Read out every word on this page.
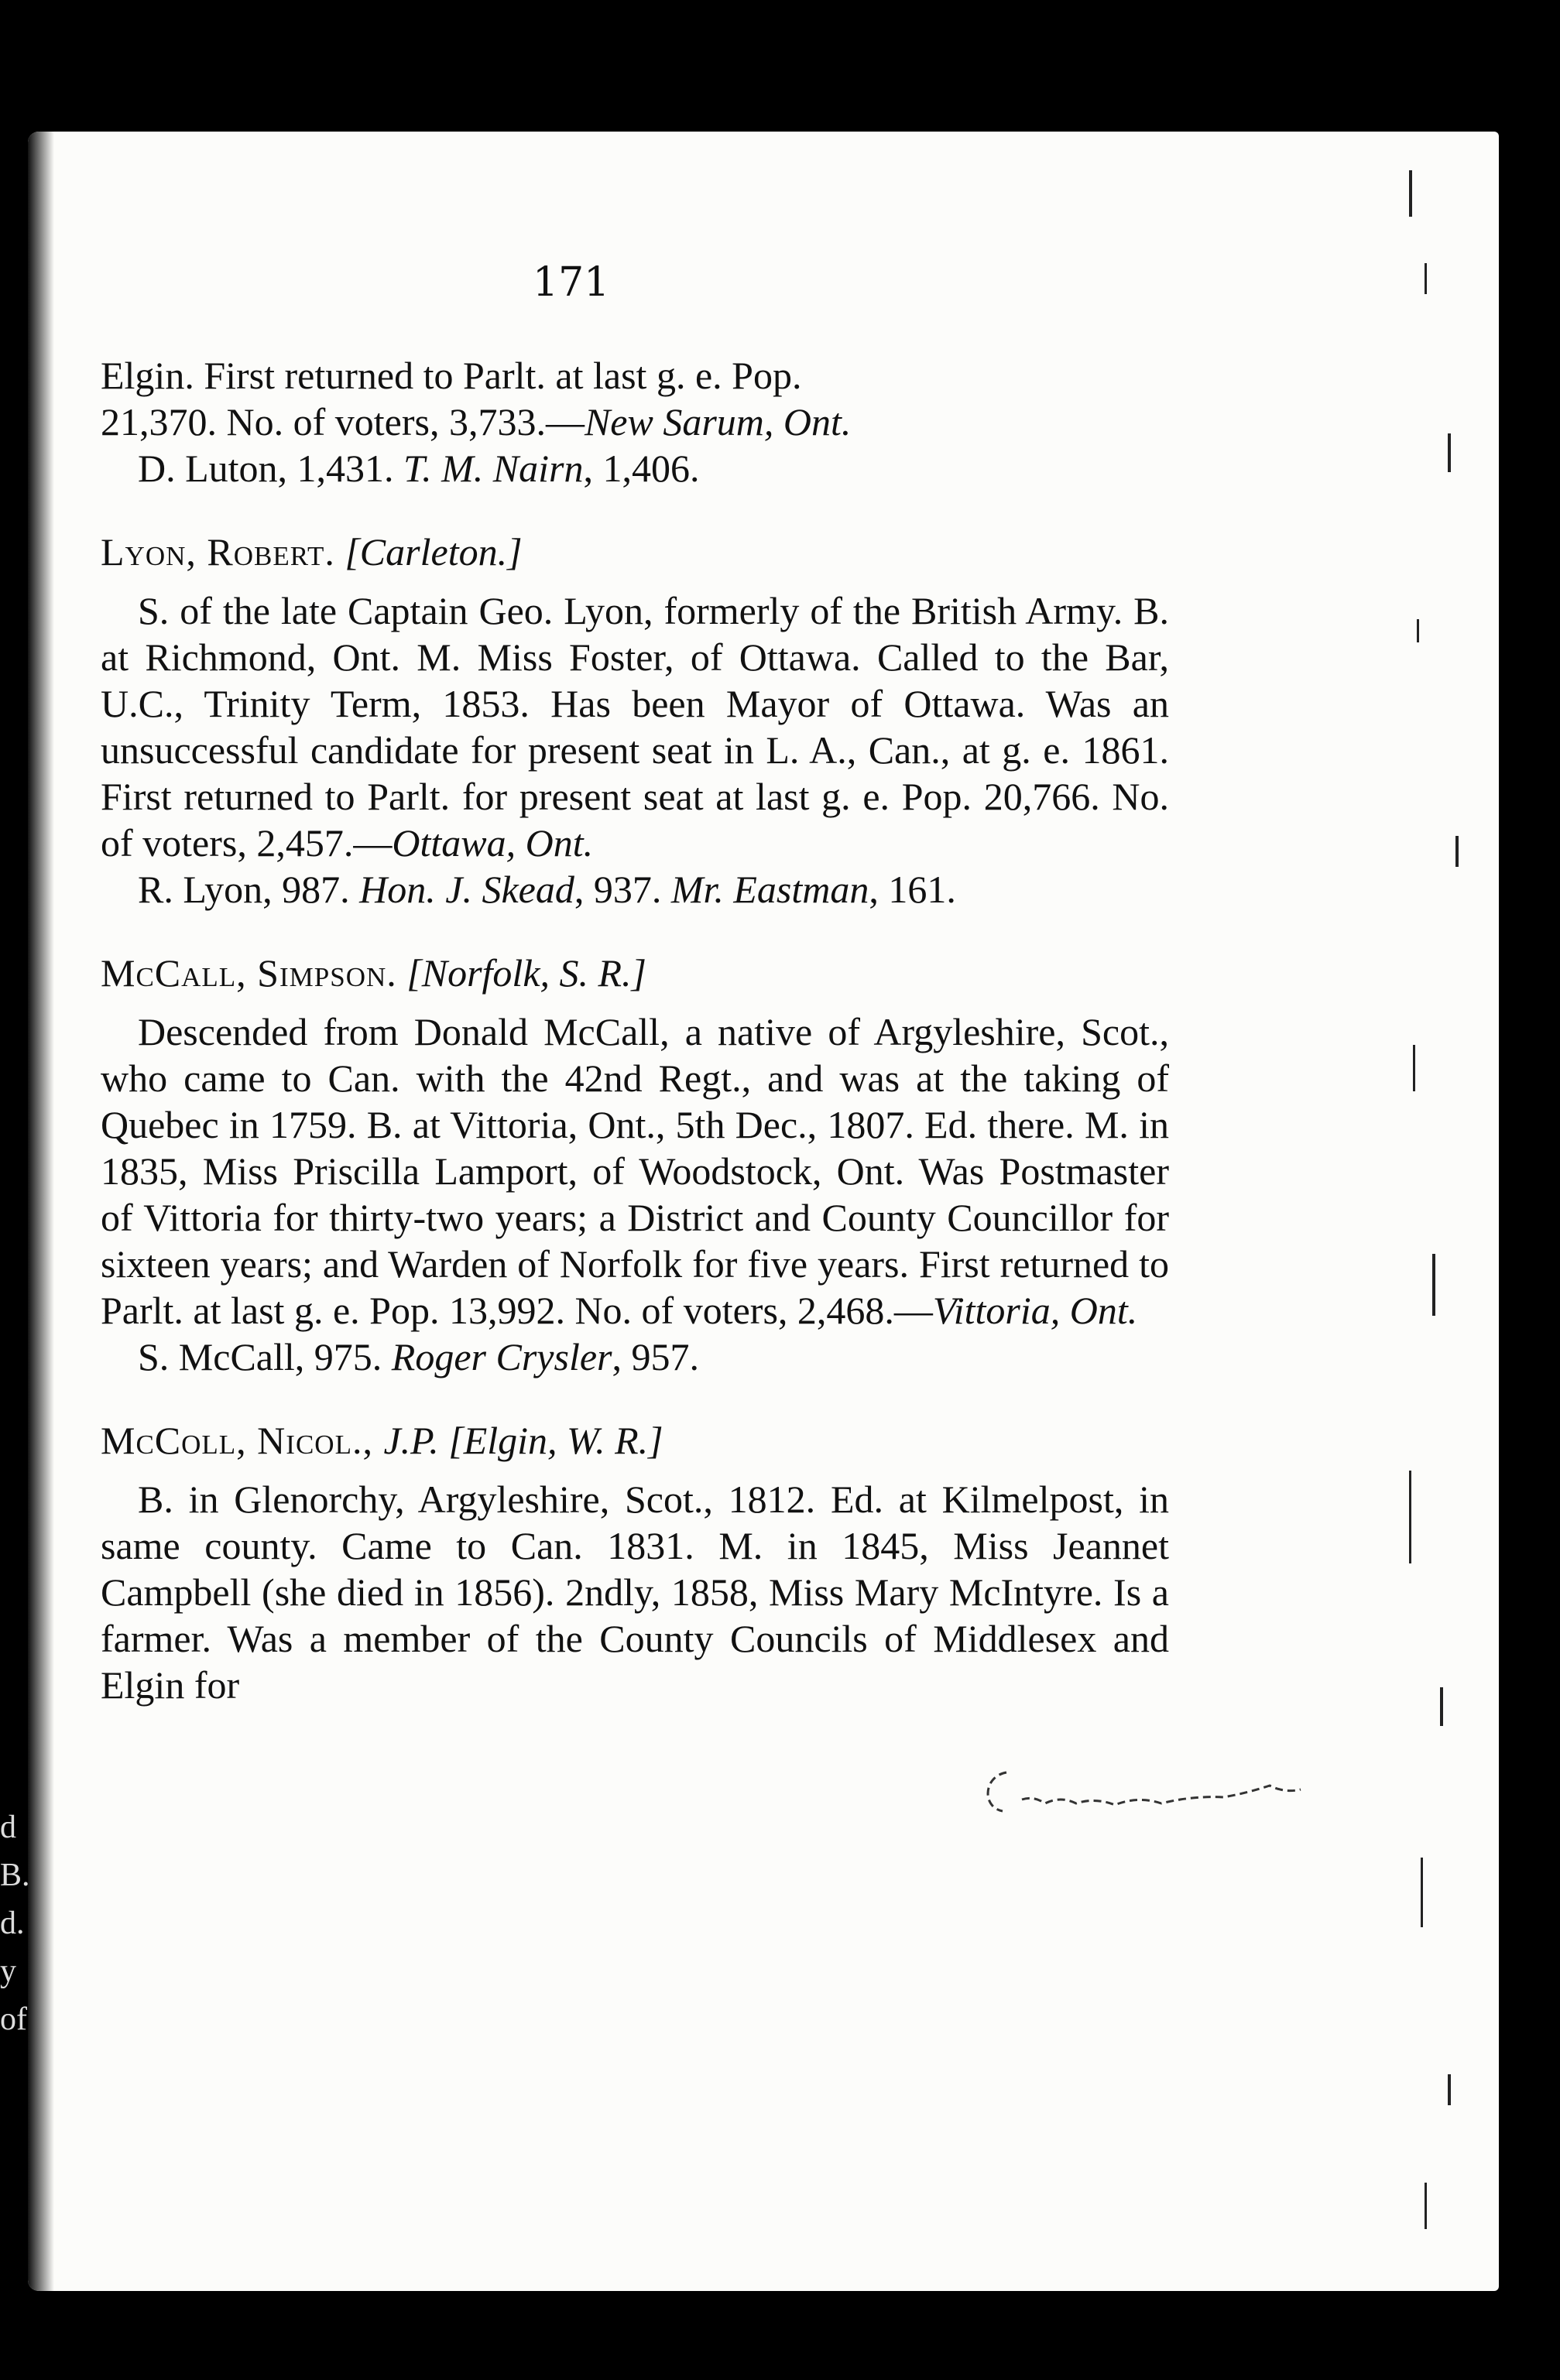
171

Elgin. First returned to Parlt. at last g. e. Pop.

21,370. No. of voters, 3,733.—New Sarum, Ont.

D. Luton, 1,431. T. M. Nairn, 1,406.

Lyon, Robert. [Carleton.]

S. of the late Captain Geo. Lyon, formerly of the British Army. B. at Richmond, Ont. M. Miss Foster, of Ottawa. Called to the Bar, U.C., Trinity Term, 1853. Has been Mayor of Ottawa. Was an unsuccessful candidate for present seat in L. A., Can., at g. e. 1861. First returned to Parlt. for present seat at last g. e. Pop. 20,766. No. of voters, 2,457.—Ottawa, Ont.

R. Lyon, 987. Hon. J. Skead, 937. Mr. Eastman, 161.

McCall, Simpson. [Norfolk, S. R.]

Descended from Donald McCall, a native of Argyleshire, Scot., who came to Can. with the 42nd Regt., and was at the taking of Quebec in 1759. B. at Vittoria, Ont., 5th Dec., 1807. Ed. there. M. in 1835, Miss Priscilla Lamport, of Woodstock, Ont. Was Postmaster of Vittoria for thirty-two years; a District and County Councillor for sixteen years; and Warden of Norfolk for five years. First returned to Parlt. at last g. e. Pop. 13,992. No. of voters, 2,468.—Vittoria, Ont.

S. McCall, 975. Roger Crysler, 957.

McColl, Nicol., J.P. [Elgin, W. R.]

B. in Glenorchy, Argyleshire, Scot., 1812. Ed. at Kilmelpost, in same county. Came to Can. 1831. M. in 1845, Miss Jeannet Campbell (she died in 1856). 2ndly, 1858, Miss Mary McIntyre. Is a farmer. Was a member of the County Councils of Middlesex and Elgin for

d
B.
d.
y
of
